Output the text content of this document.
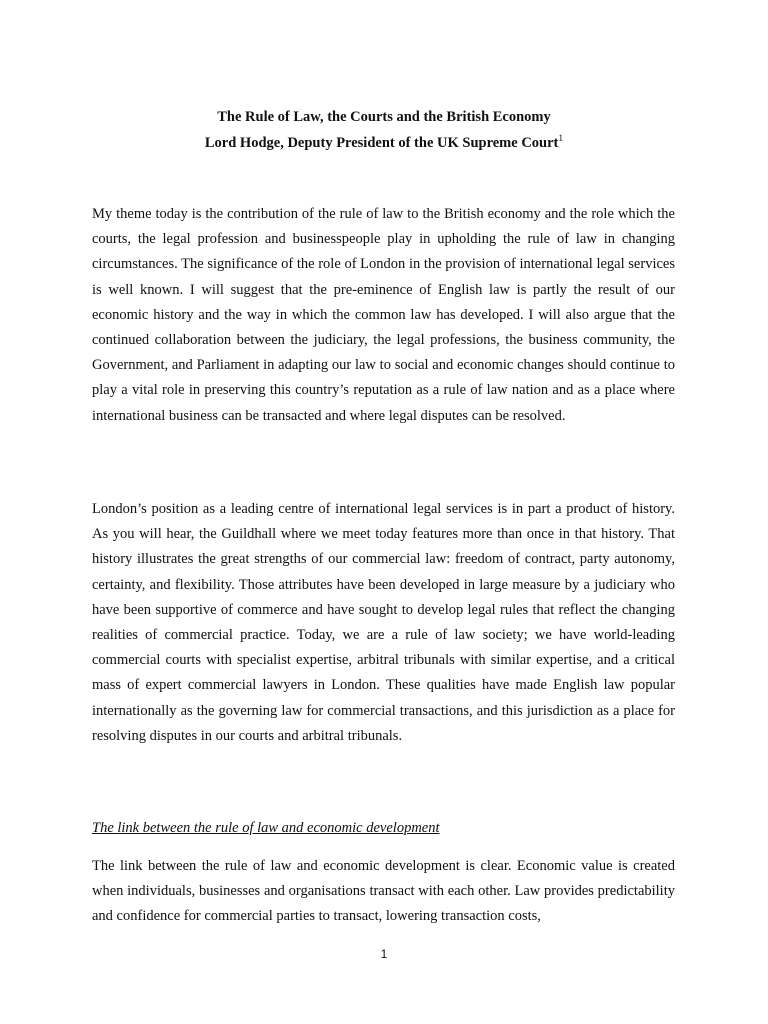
The Rule of Law, the Courts and the British Economy
Lord Hodge, Deputy President of the UK Supreme Court$^1$

My theme today is the contribution of the rule of law to the British economy and the role which the courts, the legal profession and businesspeople play in upholding the rule of law in changing circumstances. The significance of the role of London in the provision of international legal services is well known. I will suggest that the pre-eminence of English law is partly the result of our economic history and the way in which the common law has developed. I will also argue that the continued collaboration between the judiciary, the legal professions, the business community, the Government, and Parliament in adapting our law to social and economic changes should continue to play a vital role in preserving this country’s reputation as a rule of law nation and as a place where international business can be transacted and where legal disputes can be resolved.

London’s position as a leading centre of international legal services is in part a product of history. As you will hear, the Guildhall where we meet today features more than once in that history. That history illustrates the great strengths of our commercial law: freedom of contract, party autonomy, certainty, and flexibility. Those attributes have been developed in large measure by a judiciary who have been supportive of commerce and have sought to develop legal rules that reflect the changing realities of commercial practice. Today, we are a rule of law society; we have world-leading commercial courts with specialist expertise, arbitral tribunals with similar expertise, and a critical mass of expert commercial lawyers in London. These qualities have made English law popular internationally as the governing law for commercial transactions, and this jurisdiction as a place for resolving disputes in our courts and arbitral tribunals.

The link between the rule of law and economic development

The link between the rule of law and economic development is clear. Economic value is created when individuals, businesses and organisations transact with each other. Law provides predictability and confidence for commercial parties to transact, lowering transaction costs,

1
